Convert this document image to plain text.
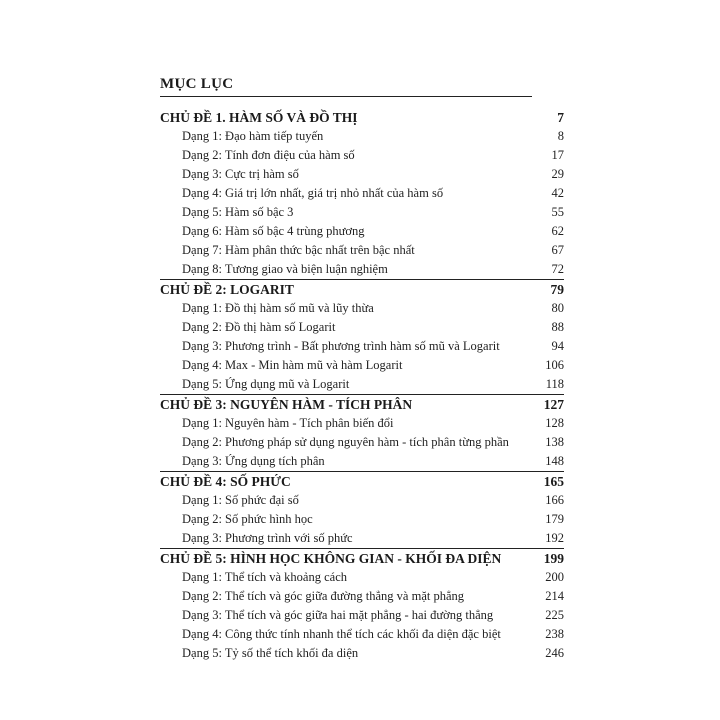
MỤC LỤC
CHỦ ĐỀ 1. HÀM SỐ VÀ ĐỒ THỊ	7
Dạng 1: Đạo hàm tiếp tuyến	8
Dạng 2: Tính đơn điệu của hàm số	17
Dạng 3: Cực trị hàm số	29
Dạng 4: Giá trị lớn nhất, giá trị nhỏ nhất của hàm số	42
Dạng 5: Hàm số bậc 3	55
Dạng 6: Hàm số bậc 4 trùng phương	62
Dạng 7: Hàm phân thức bậc nhất trên bậc nhất	67
Dạng 8: Tương giao và biện luận nghiệm	72
CHỦ ĐỀ 2: LOGARIT	79
Dạng 1: Đồ thị hàm số mũ và lũy thừa	80
Dạng 2: Đồ thị hàm số Logarit	88
Dạng 3: Phương trình - Bất phương trình hàm số mũ và Logarit	94
Dạng 4: Max - Min hàm mũ và hàm Logarit	106
Dạng 5: Ứng dụng mũ và Logarit	118
CHỦ ĐỀ 3: NGUYÊN HÀM - TÍCH PHÂN	127
Dạng 1: Nguyên hàm - Tích phân biến đổi	128
Dạng 2: Phương pháp sử dụng nguyên hàm - tích phân từng phần	138
Dạng 3: Ứng dụng tích phân	148
CHỦ ĐỀ 4: SỐ PHỨC	165
Dạng 1: Số phức đại số	166
Dạng 2: Số phức hình học	179
Dạng 3: Phương trình với số phức	192
CHỦ ĐỀ 5: HÌNH HỌC KHÔNG GIAN - KHỐI ĐA DIỆN	199
Dạng 1: Thể tích và khoảng cách	200
Dạng 2: Thể tích và góc giữa đường thẳng và mặt phẳng	214
Dạng 3: Thể tích và góc giữa hai mặt phẳng - hai đường thẳng	225
Dạng 4: Công thức tính nhanh thể tích các khối đa diện đặc biệt	238
Dạng 5: Tỷ số thể tích khối đa diện	246
